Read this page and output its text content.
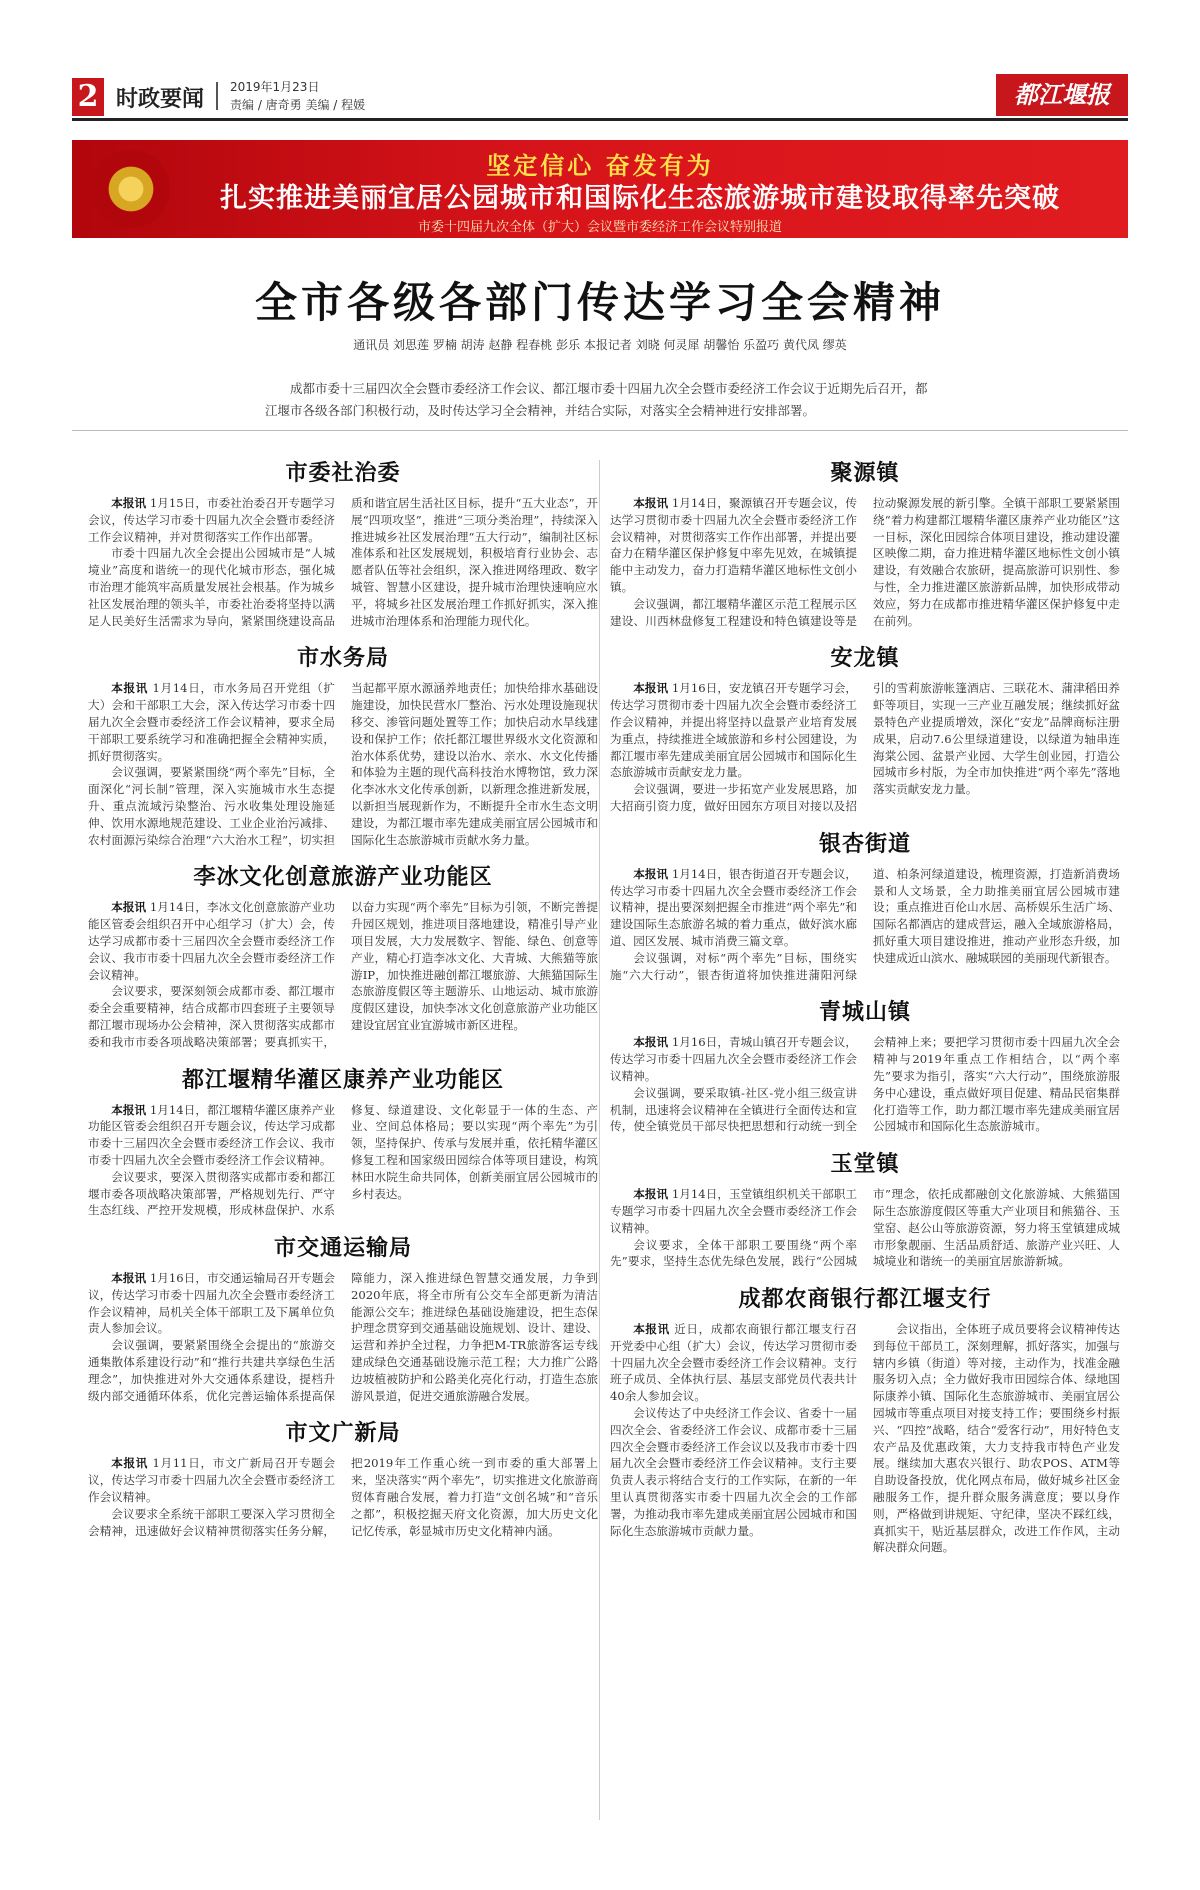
2 时政要闻 2019年1月23日
责编 / 唐奇勇 美编 / 程媛	都江堰报
坚定信心 奋发有为
扎实推进美丽宜居公园城市和国际化生态旅游城市建设取得率先突破
市委十四届九次全体（扩大）会议暨市委经济工作会议特别报道
全市各级各部门传达学习全会精神
通讯员 刘思莲 罗楠 胡涛 赵静 程春桃 彭乐 本报记者 刘晓 何灵犀 胡馨怡 乐盈巧 黄代凤 缪英
成都市委十三届四次全会暨市委经济工作会议、都江堰市委十四届九次全会暨市委经济工作会议于近期先后召开，都江堰市各级各部门积极行动，及时传达学习全会精神，并结合实际，对落实全会精神进行安排部署。
市委社治委

本报讯 1月15日，市委社治委召开专题学习会议，传达学习市委十四届九次全会暨市委经济工作会议精神，并对贯彻落实工作作出部署。

市委十四届九次全会提出公园城市是“人城境业”高度和谐统一的现代化城市形态，强化城市治理才能筑牢高质量发展社会根基。作为城乡社区发展治理的领头羊，市委社治委将坚持以满足人民美好生活需求为导向，紧紧围绕建设高品质和谐宜居生活社区目标，提升“五大业态”，开展“四项攻坚”，推进“三项分类治理”，持续深入推进城乡社区发展治理“五大行动”，编制社区标准体系和社区发展规划，积极培育行业协会、志愿者队伍等社会组织，深入推进网络理政、数字城管、智慧小区建设，提升城市治理快速响应水平，将城乡社区发展治理工作抓好抓实，深入推进城市治理体系和治理能力现代化。

市水务局

本报讯 1月14日，市水务局召开党组（扩大）会和干部职工大会，深入传达学习市委十四届九次全会暨市委经济工作会议精神，要求全局干部职工要系统学习和准确把握全会精神实质，抓好贯彻落实。

会议强调，要紧紧围绕“两个率先”目标，全面深化“河长制”管理，深入实施城市水生态提升、重点流域污染整治、污水收集处理设施延伸、饮用水源地规范建设、工业企业治污减排、农村面源污染综合治理“六大治水工程”，切实担当起都平原水源涵养地责任；加快给排水基础设施建设，加快民营水厂整治、污水处理设施现状移交、渗管问题处置等工作；加快启动水旱线建设和保护工作；依托都江堰世界级水文化资源和治水体系优势，建设以治水、亲水、水文化传播和体验为主题的现代高科技治水博物馆，致力深化李冰水文化传承创新，以新理念推进新发展，以新担当展现新作为，不断提升全市水生态文明建设，为都江堰市率先建成美丽宜居公园城市和国际化生态旅游城市贡献水务力量。

李冰文化创意旅游产业功能区

本报讯 1月14日，李冰文化创意旅游产业功能区管委会组织召开中心组学习（扩大）会，传达学习成都市委十三届四次全会暨市委经济工作会议、我市市委十四届九次全会暨市委经济工作会议精神。

会议要求，要深刻领会成都市委、都江堰市委全会重要精神，结合成都市四套班子主要领导都江堰市现场办公会精神，深入贯彻落实成都市委和我市市委各项战略决策部署；要真抓实干，以奋力实现“两个率先”目标为引领，不断完善提升园区规划，推进项目落地建设，精准引导产业项目发展，大力发展数字、智能、绿色、创意等产业，精心打造李冰文化、大青城、大熊猫等旅游IP，加快推进融创都江堰旅游、大熊猫国际生态旅游度假区等主题游乐、山地运动、城市旅游度假区建设，加快李冰文化创意旅游产业功能区建设宜居宜业宜游城市新区进程。

都江堰精华灌区康养产业功能区

本报讯 1月14日，都江堰精华灌区康养产业功能区管委会组织召开专题会议，传达学习成都市委十三届四次全会暨市委经济工作会议、我市市委十四届九次全会暨市委经济工作会议精神。

会议要求，要深入贯彻落实成都市委和都江堰市委各项战略决策部署，严格规划先行、严守生态红线、严控开发规模，形成林盘保护、水系修复、绿道建设、文化彰显于一体的生态、产业、空间总体格局；要以实现“两个率先”为引领，坚持保护、传承与发展并重，依托精华灌区修复工程和国家级田园综合体等项目建设，构筑林田水院生命共同体，创新美丽宜居公园城市的乡村表达。

市交通运输局

本报讯 1月16日，市交通运输局召开专题会议，传达学习市委十四届九次全会暨市委经济工作会议精神，局机关全体干部职工及下属单位负责人参加会议。

会议强调，要紧紧围绕全会提出的“旅游交通集散体系建设行动”和“推行共建共享绿色生活理念”，加快推进对外大交通体系建设，提档升级内部交通循环体系，优化完善运输体系提高保障能力，深入推进绿色智慧交通发展，力争到2020年底，将全市所有公交车全部更新为清洁能源公交车；推进绿色基础设施建设，把生态保护理念贯穿到交通基础设施规划、设计、建设、运营和养护全过程，力争把M-TR旅游客运专线建成绿色交通基础设施示范工程；大力推广公路边坡植被防护和公路美化亮化行动，打造生态旅游风景道，促进交通旅游融合发展。

市文广新局

本报讯 1月11日，市文广新局召开专题会议，传达学习市委十四届九次全会暨市委经济工作会议精神。

会议要求全系统干部职工要深入学习贯彻全会精神，迅速做好会议精神贯彻落实任务分解，把2019年工作重心统一到市委的重大部署上来，坚决落实“两个率先”，切实推进文化旅游商贸体育融合发展，着力打造“文创名城”和“音乐之都”，积极挖掘天府文化资源，加大历史文化记忆传承，彰显城市历史文化精神内涵。

聚源镇

本报讯 1月14日，聚源镇召开专题会议，传达学习贯彻市委十四届九次全会暨市委经济工作会议精神，对贯彻落实工作作出部署，并提出要奋力在精华灌区保护修复中率先见效，在城镇提能中主动发力，奋力打造精华灌区地标性文创小镇。

会议强调，都江堰精华灌区示范工程展示区建设、川西林盘修复工程建设和特色镇建设等是拉动聚源发展的新引擎。全镇干部职工要紧紧围绕“着力构建都江堰精华灌区康养产业功能区”这一目标，深化田园综合体项目建设，推动建设灌区映像二期，奋力推进精华灌区地标性文创小镇建设，有效融合农旅研，提高旅游可识别性、参与性，全力推进灌区旅游新品牌，加快形成带动效应，努力在成都市推进精华灌区保护修复中走在前列。

安龙镇

本报讯 1月16日，安龙镇召开专题学习会，传达学习贯彻市委十四届九次全会暨市委经济工作会议精神，并提出将坚持以盘景产业培育发展为重点，持续推进全域旅游和乡村公园建设，为都江堰市率先建成美丽宜居公园城市和国际化生态旅游城市贡献安龙力量。

会议强调，要进一步拓宽产业发展思路，加大招商引资力度，做好田园东方项目对接以及招引的雪莉旅游帐篷酒店、三联花木、蒲津稻田养虾等项目，实现一三产业互融发展；继续抓好盆景特色产业提质增效，深化“安龙”品牌商标注册成果，启动7.6公里绿道建设，以绿道为轴串连海棠公园、盆景产业园、大学生创业园，打造公园城市乡村版，为全市加快推进“两个率先”落地落实贡献安龙力量。

银杏街道

本报讯 1月14日，银杏街道召开专题会议，传达学习市委十四届九次全会暨市委经济工作会议精神，提出要深刻把握全市推进“两个率先”和建设国际生态旅游名城的着力重点，做好滨水廊道、园区发展、城市消费三篇文章。

会议强调，对标“两个率先”目标，围绕实施“六大行动”，银杏街道将加快推进蒲阳河绿道、柏条河绿道建设，梳理资源，打造新消费场景和人文场景，全力助推美丽宜居公园城市建设；重点推进百伦山水居、高桥娱乐生活广场、国际名都酒店的建成营运，融入全域旅游格局，抓好重大项目建设推进，推动产业形态升级，加快建成近山滨水、融城联园的美丽现代新银杏。

青城山镇

本报讯 1月16日，青城山镇召开专题会议，传达学习市委十四届九次全会暨市委经济工作会议精神。

会议强调，要采取镇-社区-党小组三级宣讲机制，迅速将会议精神在全镇进行全面传达和宣传，使全镇党员干部尽快把思想和行动统一到全会精神上来；要把学习贯彻市委十四届九次全会精神与2019年重点工作相结合，以“两个率先”要求为指引，落实“六大行动”，围绕旅游服务中心建设，重点做好项目促建、精品民宿集群化打造等工作，助力都江堰市率先建成美丽宜居公园城市和国际化生态旅游城市。

玉堂镇

本报讯 1月14日，玉堂镇组织机关干部职工专题学习市委十四届九次全会暨市委经济工作会议精神。

会议要求，全体干部职工要围绕“两个率先”要求，坚持生态优先绿色发展，践行“公园城市”理念，依托成都融创文化旅游城、大熊猫国际生态旅游度假区等重大产业项目和熊猫谷、玉堂窑、赵公山等旅游资源，努力将玉堂镇建成城市形象靓丽、生活品质舒适、旅游产业兴旺、人城境业和谐统一的美丽宜居旅游新城。

成都农商银行都江堰支行

本报讯 近日，成都农商银行都江堰支行召开党委中心组（扩大）会议，传达学习贯彻市委十四届九次全会暨市委经济工作会议精神。支行班子成员、全体执行层、基层支部党员代表共计40余人参加会议。

会议传达了中央经济工作会议、省委十一届四次全会、省委经济工作会议、成都市委十三届四次全会暨市委经济工作会议以及我市市委十四届九次全会暨市委经济工作会议精神。支行主要负责人表示将结合支行的工作实际，在新的一年里认真贯彻落实市委十四届九次全会的工作部署，为推动我市率先建成美丽宜居公园城市和国际化生态旅游城市贡献力量。

会议指出，全体班子成员要将会议精神传达到每位干部员工，深刻理解，抓好落实，加强与辖内乡镇（街道）等对接，主动作为，找准金融服务切入点；全力做好我市田园综合体、绿地国际康养小镇、国际化生态旅游城市、美丽宜居公园城市等重点项目对接支持工作；要围绕乡村振兴、“四控”战略，结合“爱客行动”，用好特色支农产品及优惠政策，大力支持我市特色产业发展。继续加大惠农兴银行、助农POS、ATM等自助设备投放，优化网点布局，做好城乡社区金融服务工作，提升群众服务满意度；要以身作则，严格做到讲规矩、守纪律，坚决不踩红线，真抓实干，贴近基层群众，改进工作作风，主动解决群众问题。
